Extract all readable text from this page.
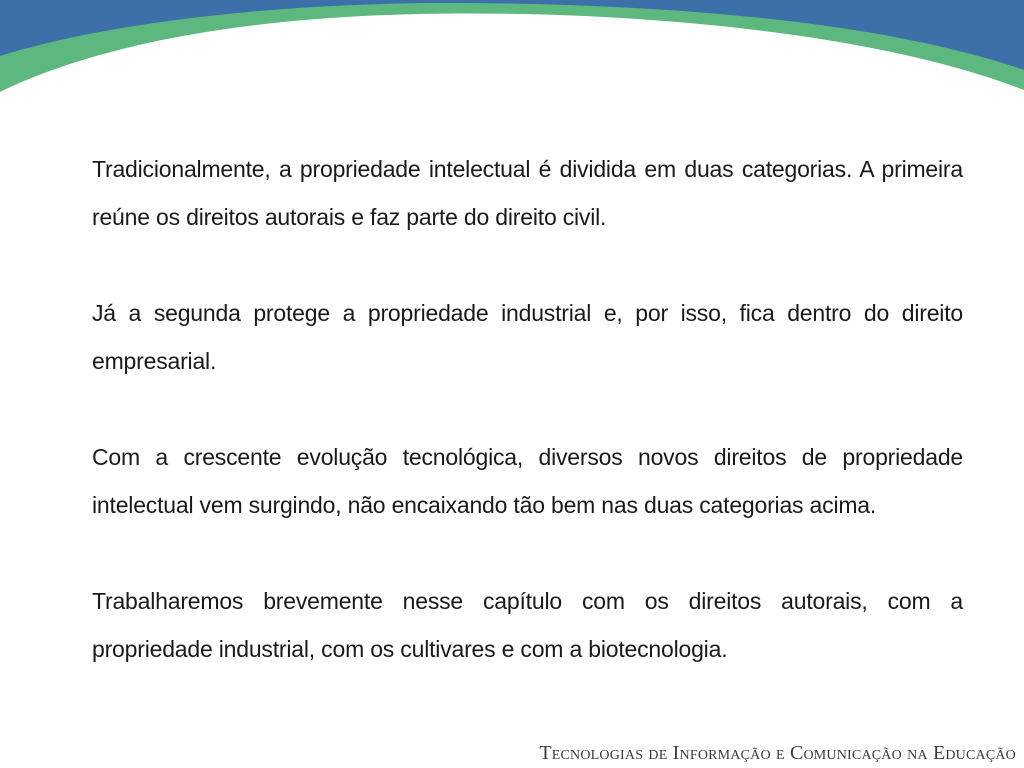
Tradicionalmente, a propriedade intelectual é dividida em duas categorias. A primeira reúne os direitos autorais e faz parte do direito civil.

Já a segunda protege a propriedade industrial e, por isso, fica dentro do direito empresarial.

Com a crescente evolução tecnológica, diversos novos direitos de propriedade intelectual vem surgindo, não encaixando tão bem nas duas categorias acima.

Trabalharemos brevemente nesse capítulo com os direitos autorais, com a propriedade industrial, com os cultivares e com a biotecnologia.

Tecnologias de Informação e Comunicação na Educação
